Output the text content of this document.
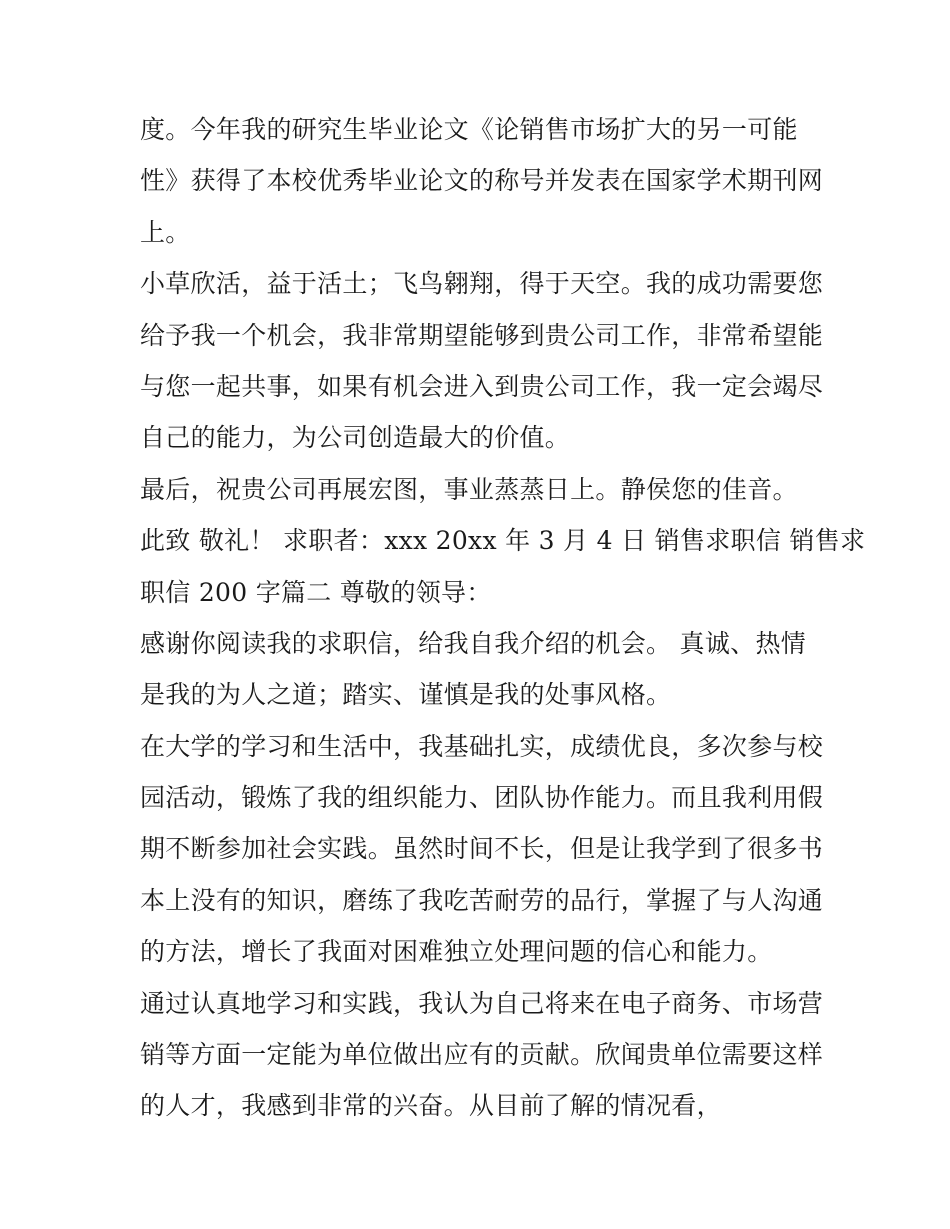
度。今年我的研究生毕业论文《论销售市场扩大的另一可能
性》获得了本校优秀毕业论文的称号并发表在国家学术期刊网
上。
小草欣活，益于活土；飞鸟翱翔，得于天空。我的成功需要您
给予我一个机会，我非常期望能够到贵公司工作，非常希望能
与您一起共事，如果有机会进入到贵公司工作，我一定会竭尽
自己的能力，为公司创造最大的价值。
最后，祝贵公司再展宏图，事业蒸蒸日上。静侯您的佳音。
此致 敬礼！ 求职者：xxx 20xx 年 3 月 4 日 销售求职信 销售求
职信 200 字篇二 尊敬的领导：
感谢你阅读我的求职信，给我自我介绍的机会。 真诚、热情
是我的为人之道；踏实、谨慎是我的处事风格。
在大学的学习和生活中，我基础扎实，成绩优良，多次参与校
园活动，锻炼了我的组织能力、团队协作能力。而且我利用假
期不断参加社会实践。虽然时间不长，但是让我学到了很多书
本上没有的知识，磨练了我吃苦耐劳的品行，掌握了与人沟通
的方法，增长了我面对困难独立处理问题的信心和能力。
通过认真地学习和实践，我认为自己将来在电子商务、市场营
销等方面一定能为单位做出应有的贡献。欣闻贵单位需要这样
的人才，我感到非常的兴奋。从目前了解的情况看，
